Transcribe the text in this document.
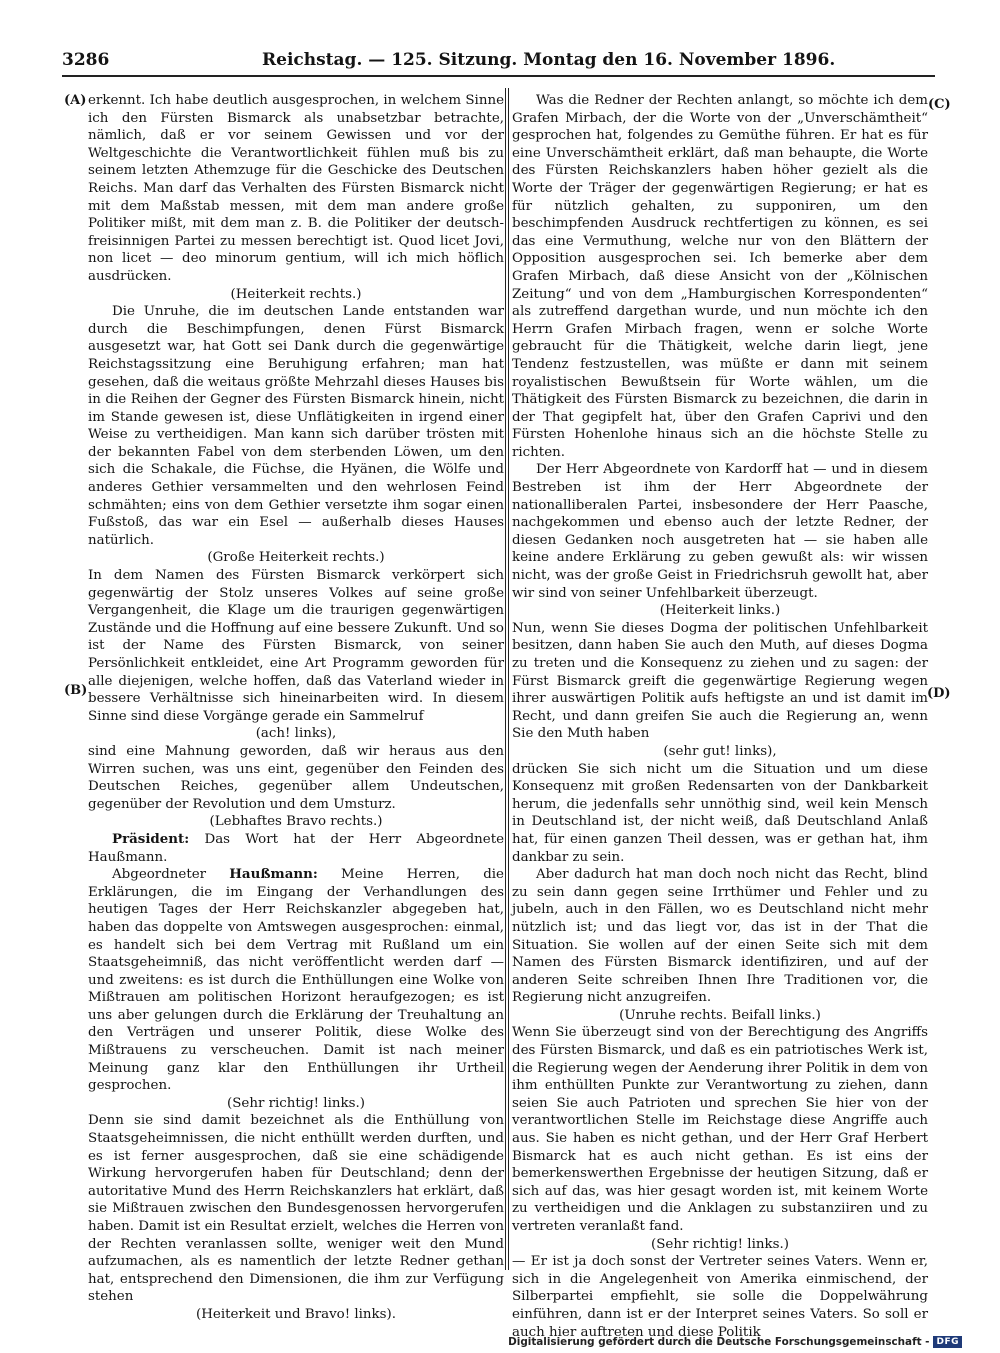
3286	Reichstag. — 125. Sitzung. Montag den 16. November 1896.
(A)
(B)
(C)
(D)

erkennt. Ich habe deutlich ausgesprochen, in welchem Sinne ich den Fürsten Bismarck als unabsetzbar betrachte, nämlich, daß er vor seinem Gewissen und vor der Weltgeschichte die Verantwortlichkeit fühlen muß bis zu seinem letzten Athemzuge für die Geschicke des Deutschen Reichs. Man darf das Verhalten des Fürsten Bismarck nicht mit dem Maßstab messen, mit dem man andere große Politiker mißt, mit dem man z. B. die Politiker der deutsch-freisinnigen Partei zu messen berechtigt ist. Quod licet Jovi, non licet — deo minorum gentium, will ich mich höflich ausdrücken.

(Heiterkeit rechts.)

Die Unruhe, die im deutschen Lande entstanden war durch die Beschimpfungen, denen Fürst Bismarck ausgesetzt war, hat Gott sei Dank durch die gegenwärtige Reichstagssitzung eine Beruhigung erfahren; man hat gesehen, daß die weitaus größte Mehrzahl dieses Hauses bis in die Reihen der Gegner des Fürsten Bismarck hinein, nicht im Stande gewesen ist, diese Unflätigkeiten in irgend einer Weise zu vertheidigen. Man kann sich darüber trösten mit der bekannten Fabel von dem sterbenden Löwen, um den sich die Schakale, die Füchse, die Hyänen, die Wölfe und anderes Gethier versammelten und den wehrlosen Feind schmähten; eins von dem Gethier versetzte ihm sogar einen Fußstoß, das war ein Esel — außerhalb dieses Hauses natürlich.

(Große Heiterkeit rechts.)

In dem Namen des Fürsten Bismarck verkörpert sich gegenwärtig der Stolz unseres Volkes auf seine große Vergangenheit, die Klage um die traurigen gegenwärtigen Zustände und die Hoffnung auf eine bessere Zukunft. Und so ist der Name des Fürsten Bismarck, von seiner Persönlichkeit entkleidet, eine Art Programm geworden für alle diejenigen, welche hoffen, daß das Vaterland wieder in bessere Verhältnisse sich hineinarbeiten wird. In diesem Sinne sind diese Vorgänge gerade ein Sammelruf

(ach! links),

sind eine Mahnung geworden, daß wir heraus aus den Wirren suchen, was uns eint, gegenüber den Feinden des Deutschen Reiches, gegenüber allem Undeutschen, gegenüber der Revolution und dem Umsturz.

(Lebhaftes Bravo rechts.)

Präsident: Das Wort hat der Herr Abgeordnete Haußmann.

Abgeordneter Haußmann: Meine Herren, die Erklärungen, die im Eingang der Verhandlungen des heutigen Tages der Herr Reichskanzler abgegeben hat, haben das doppelte von Amtswegen ausgesprochen: einmal, es handelt sich bei dem Vertrag mit Rußland um ein Staatsgeheimniß, das nicht veröffentlicht werden darf — und zweitens: es ist durch die Enthüllungen eine Wolke von Mißtrauen am politischen Horizont heraufgezogen; es ist uns aber gelungen durch die Erklärung der Treuhaltung an den Verträgen und unserer Politik, diese Wolke des Mißtrauens zu verscheuchen. Damit ist nach meiner Meinung ganz klar den Enthüllungen ihr Urtheil gesprochen.

(Sehr richtig! links.)

Denn sie sind damit bezeichnet als die Enthüllung von Staatsgeheimnissen, die nicht enthüllt werden durften, und es ist ferner ausgesprochen, daß sie eine schädigende Wirkung hervorgerufen haben für Deutschland; denn der autoritative Mund des Herrn Reichskanzlers hat erklärt, daß sie Mißtrauen zwischen den Bundesgenossen hervorgerufen haben. Damit ist ein Resultat erzielt, welches die Herren von der Rechten veranlassen sollte, weniger weit den Mund aufzumachen, als es namentlich der letzte Redner gethan hat, entsprechend den Dimensionen, die ihm zur Verfügung stehen

(Heiterkeit und Bravo! links).

Was die Redner der Rechten anlangt, so möchte ich dem Grafen Mirbach, der die Worte von der „Unverschämtheit“ gesprochen hat, folgendes zu Gemüthe führen. Er hat es für eine Unverschämtheit erklärt, daß man behaupte, die Worte des Fürsten Reichskanzlers haben höher gezielt als die Worte der Träger der gegenwärtigen Regierung; er hat es für nützlich gehalten, zu supponiren, um den beschimpfenden Ausdruck rechtfertigen zu können, es sei das eine Vermuthung, welche nur von den Blättern der Opposition ausgesprochen sei. Ich bemerke aber dem Grafen Mirbach, daß diese Ansicht von der „Kölnischen Zeitung“ und von dem „Hamburgischen Korrespondenten“ als zutreffend dargethan wurde, und nun möchte ich den Herrn Grafen Mirbach fragen, wenn er solche Worte gebraucht für die Thätigkeit, welche darin liegt, jene Tendenz festzustellen, was müßte er dann mit seinem royalistischen Bewußtsein für Worte wählen, um die Thätigkeit des Fürsten Bismarck zu bezeichnen, die darin in der That gegipfelt hat, über den Grafen Caprivi und den Fürsten Hohenlohe hinaus sich an die höchste Stelle zu richten.

Der Herr Abgeordnete von Kardorff hat — und in diesem Bestreben ist ihm der Herr Abgeordnete der nationalliberalen Partei, insbesondere der Herr Paasche, nachgekommen und ebenso auch der letzte Redner, der diesen Gedanken noch ausgetreten hat — sie haben alle keine andere Erklärung zu geben gewußt als: wir wissen nicht, was der große Geist in Friedrichsruh gewollt hat, aber wir sind von seiner Unfehlbarkeit überzeugt.

(Heiterkeit links.)

Nun, wenn Sie dieses Dogma der politischen Unfehlbarkeit besitzen, dann haben Sie auch den Muth, auf dieses Dogma zu treten und die Konsequenz zu ziehen und zu sagen: der Fürst Bismarck greift die gegenwärtige Regierung wegen ihrer auswärtigen Politik aufs heftigste an und ist damit im Recht, und dann greifen Sie auch die Regierung an, wenn Sie den Muth haben

(sehr gut! links),

drücken Sie sich nicht um die Situation und um diese Konsequenz mit großen Redensarten von der Dankbarkeit herum, die jedenfalls sehr unnöthig sind, weil kein Mensch in Deutschland ist, der nicht weiß, daß Deutschland Anlaß hat, für einen ganzen Theil dessen, was er gethan hat, ihm dankbar zu sein.

Aber dadurch hat man doch noch nicht das Recht, blind zu sein dann gegen seine Irrthümer und Fehler und zu jubeln, auch in den Fällen, wo es Deutschland nicht mehr nützlich ist; und das liegt vor, das ist in der That die Situation. Sie wollen auf der einen Seite sich mit dem Namen des Fürsten Bismarck identifiziren, und auf der anderen Seite schreiben Ihnen Ihre Traditionen vor, die Regierung nicht anzugreifen.

(Unruhe rechts. Beifall links.)

Wenn Sie überzeugt sind von der Berechtigung des Angriffs des Fürsten Bismarck, und daß es ein patriotisches Werk ist, die Regierung wegen der Aenderung ihrer Politik in dem von ihm enthüllten Punkte zur Verantwortung zu ziehen, dann seien Sie auch Patrioten und sprechen Sie hier von der verantwortlichen Stelle im Reichstage diese Angriffe auch aus. Sie haben es nicht gethan, und der Herr Graf Herbert Bismarck hat es auch nicht gethan. Es ist eins der bemerkenswerthen Ergebnisse der heutigen Sitzung, daß er sich auf das, was hier gesagt worden ist, mit keinem Worte zu vertheidigen und die Anklagen zu substanziiren und zu vertreten veranlaßt fand.

(Sehr richtig! links.)

— Er ist ja doch sonst der Vertreter seines Vaters. Wenn er, sich in die Angelegenheit von Amerika einmischend, der Silberpartei empfiehlt, sie solle die Doppelwährung einführen, dann ist er der Interpret seines Vaters. So soll er auch hier auftreten und diese Politik

Digitalisierung gefördert durch die Deutsche Forschungsgemeinschaft - DFG
